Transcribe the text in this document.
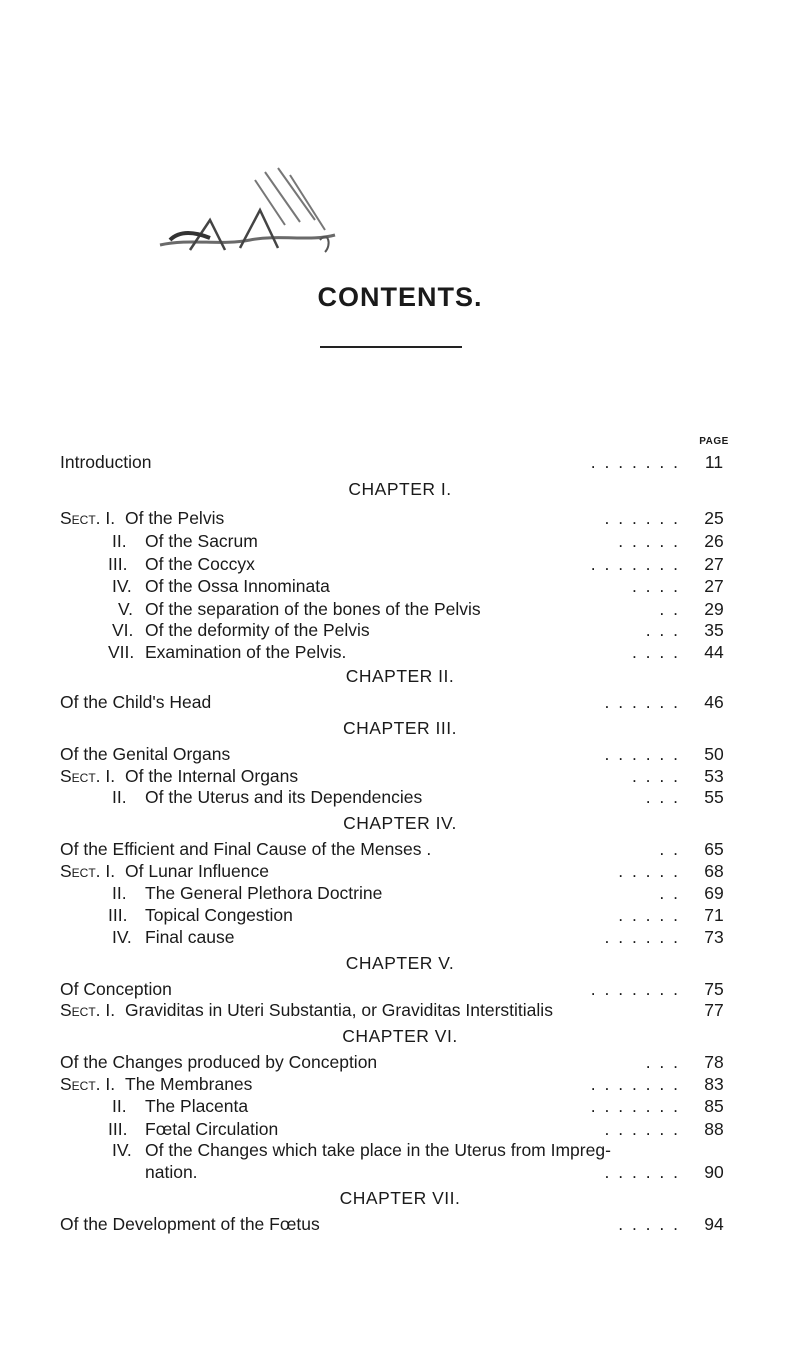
CONTENTS.
PAGE
Introduction	. . . . . . .	11
CHAPTER I.
Sect. I. Of the Pelvis	. . . . . .	25
II. Of the Sacrum	. . . . .	26
III. Of the Coccyx	. . . . . . .	27
IV. Of the Ossa Innominata	. . . .	27
V. Of the separation of the bones of the Pelvis	. .	29
VI. Of the deformity of the Pelvis	. . .	35
VII. Examination of the Pelvis.	. . . .	44
CHAPTER II.
Of the Child's Head	. . . . . .	46
CHAPTER III.
Of the Genital Organs	. . . . . .	50
Sect. I. Of the Internal Organs	. . . .	53
II. Of the Uterus and its Dependencies	. . .	55
CHAPTER IV.
Of the Efficient and Final Cause of the Menses .	. .	65
Sect. I. Of Lunar Influence	. . . . .	68
II. The General Plethora Doctrine	. .	69
III. Topical Congestion	. . . . .	71
IV. Final cause	. . . . . .	73
CHAPTER V.
Of Conception	. . . . . . .	75
Sect. I. Graviditas in Uteri Substantia, or Graviditas Interstitialis	77
CHAPTER VI.
Of the Changes produced by Conception	. . .	78
Sect. I. The Membranes	. . . . . . .	83
II. The Placenta	. . . . . . .	85
III. Fœtal Circulation	. . . . . .	88
IV. Of the Changes which take place in the Uterus from Impreg-
nation.	. . . . . .	90
CHAPTER VII.
Of the Development of the Fœtus	. . . . .	94
